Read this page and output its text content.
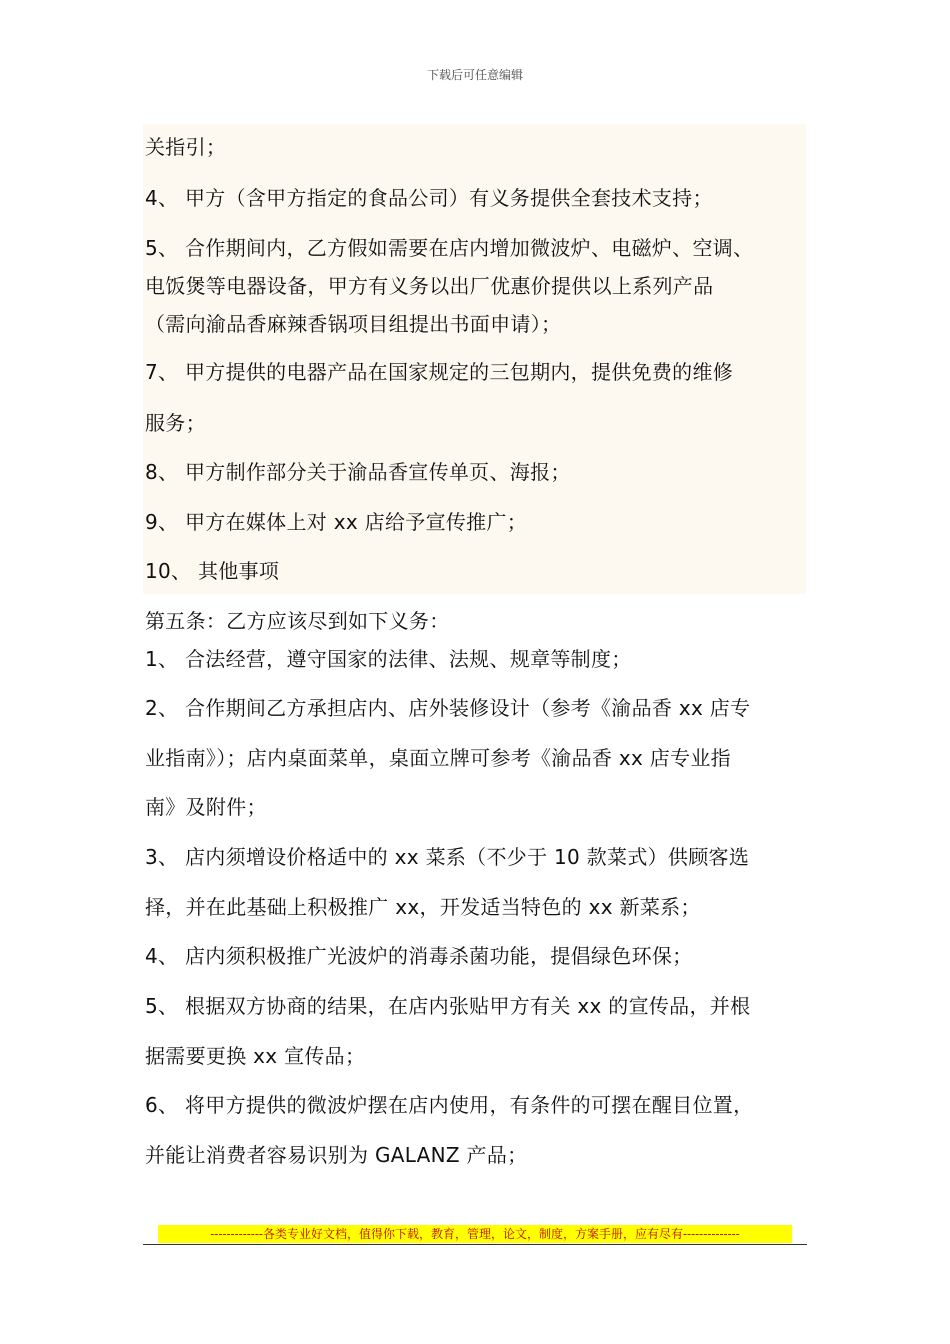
下载后可任意编辑
关指引；
4、 甲方（含甲方指定的食品公司）有义务提供全套技术支持；
5、 合作期间内，乙方假如需要在店内增加微波炉、电磁炉、空调、
电饭煲等电器设备，甲方有义务以出厂优惠价提供以上系列产品
（需向渝品香麻辣香锅项目组提出书面申请）；
7、 甲方提供的电器产品在国家规定的三包期内，提供免费的维修
服务；
8、 甲方制作部分关于渝品香宣传单页、海报；
9、 甲方在媒体上对 xx 店给予宣传推广；
10、 其他事项
第五条：乙方应该尽到如下义务：
1、 合法经营，遵守国家的法律、法规、规章等制度；
2、 合作期间乙方承担店内、店外装修设计（参考《渝品香 xx 店专
业指南》）；店内桌面菜单，桌面立牌可参考《渝品香 xx 店专业指
南》及附件；
3、 店内须增设价格适中的 xx 菜系（不少于 10 款菜式）供顾客选
择，并在此基础上积极推广 xx，开发适当特色的 xx 新菜系；
4、 店内须积极推广光波炉的消毒杀菌功能，提倡绿色环保；
5、 根据双方协商的结果，在店内张贴甲方有关 xx 的宣传品，并根
据需要更换 xx 宣传品；
6、 将甲方提供的微波炉摆在店内使用，有条件的可摆在醒目位置，
并能让消费者容易识别为 GALANZ 产品；
-------------各类专业好文档，值得你下载，教育，管理，论文，制度，方案手册，应有尽有--------------
